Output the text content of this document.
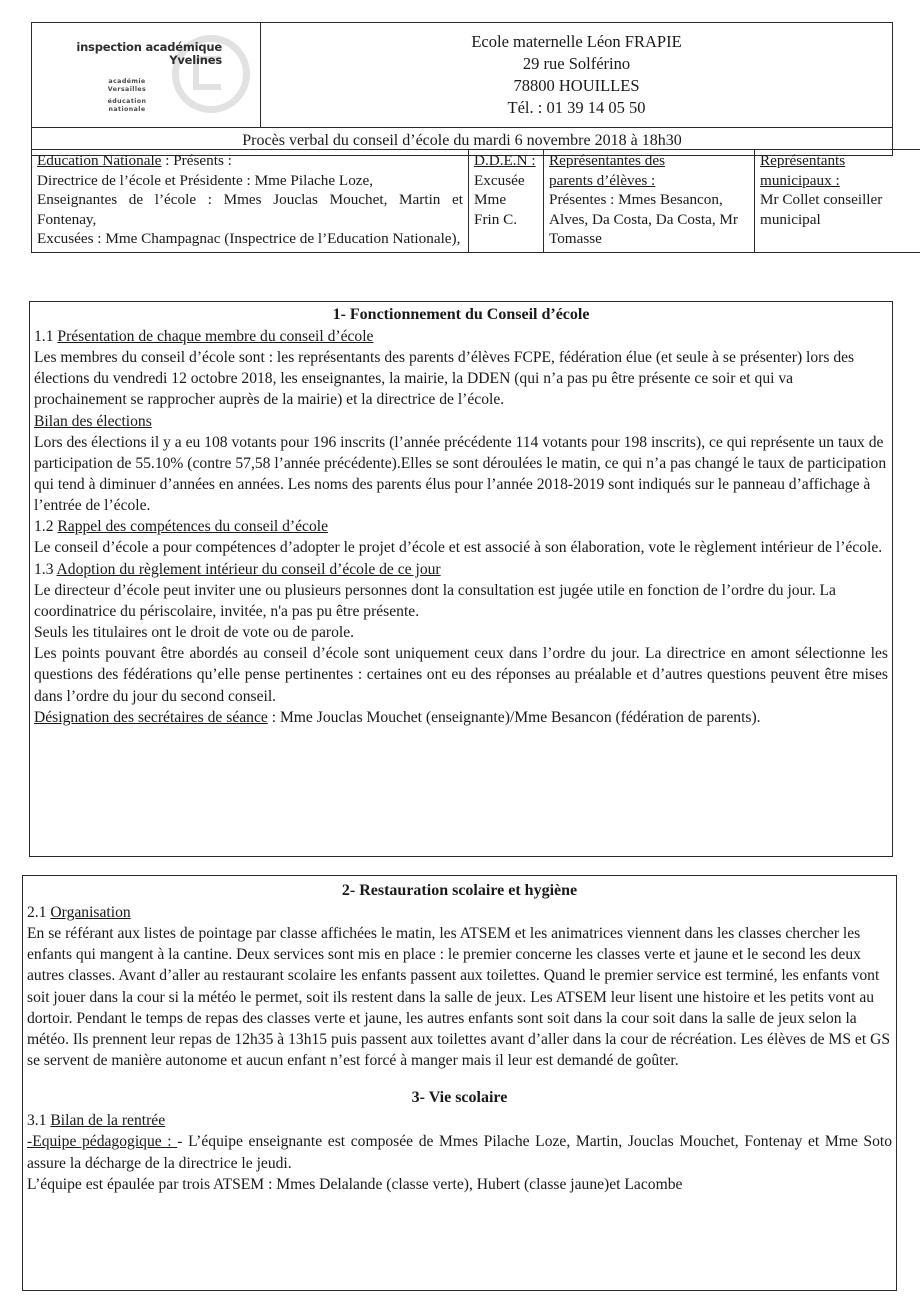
inspection académique
Yvelines
académie
Versailles
éducation
nationale

Ecole maternelle Léon FRAPIE
29 rue Solférino
78800 HOUILLES
Tél. : 01 39 14 05 50

Procès verbal du conseil d’école du mardi 6 novembre 2018 à 18h30
Education Nationale : Présents :
Directrice de l’école et Présidente : Mme Pilache Loze,
Enseignantes de l’école : Mmes Jouclas Mouchet, Martin et Fontenay,
Excusées : Mme Champagnac (Inspectrice de l’Education Nationale),

D.D.E.N :
Excusée
Mme
Frin C.

Représentantes des
parents d’élèves :
Présentes : Mmes Besancon, Alves, Da Costa, Da Costa, Mr Tomasse

Représentants
municipaux :
Mr Collet conseiller municipal
1- Fonctionnement du Conseil d’école
1.1 Présentation de chaque membre du conseil d’école

Les membres du conseil d’école sont : les représentants des parents d’élèves FCPE, fédération élue (et seule à se présenter) lors des élections du vendredi 12 octobre 2018, les enseignantes, la mairie, la DDEN (qui n’a pas pu être présente ce soir et qui va prochainement se rapprocher auprès de la mairie) et la directrice de l’école.

Bilan des élections

Lors des élections il y a eu 108 votants pour 196 inscrits (l’année précédente 114 votants pour 198 inscrits), ce qui représente un taux de participation de 55.10% (contre 57,58 l’année précédente).Elles se sont déroulées le matin, ce qui n’a pas changé le taux de participation qui tend à diminuer d’années en années. Les noms des parents élus pour l’année 2018-2019 sont indiqués sur le panneau d’affichage à l’entrée de l’école.

1.2 Rappel des compétences du conseil d’école

Le conseil d’école a pour compétences d’adopter le projet d’école et est associé à son élaboration, vote le règlement intérieur de l’école.

1.3 Adoption du règlement intérieur du conseil d’école de ce jour

Le directeur d’école peut inviter une ou plusieurs personnes dont la consultation est jugée utile en fonction de l’ordre du jour. La coordinatrice du périscolaire, invitée, n'a pas pu être présente.

Seuls les titulaires ont le droit de vote ou de parole.

Les points pouvant être abordés au conseil d’école sont uniquement ceux dans l’ordre du jour. La directrice en amont sélectionne les questions des fédérations qu’elle pense pertinentes : certaines ont eu des réponses au préalable et d’autres questions peuvent être mises dans l’ordre du jour du second conseil.

Désignation des secrétaires de séance : Mme Jouclas Mouchet (enseignante)/Mme Besancon (fédération de parents).

2- Restauration scolaire et hygiène
2.1 Organisation

En se référant aux listes de pointage par classe affichées le matin, les ATSEM et les animatrices viennent dans les classes chercher les enfants qui mangent à la cantine. Deux services sont mis en place : le premier concerne les classes verte et jaune et le second les deux autres classes. Avant d’aller au restaurant scolaire les enfants passent aux toilettes. Quand le premier service est terminé, les enfants vont soit jouer dans la cour si la météo le permet, soit ils restent dans la salle de jeux. Les ATSEM leur lisent une histoire et les petits vont au dortoir. Pendant le temps de repas des classes verte et jaune, les autres enfants sont soit dans la cour soit dans la salle de jeux selon la météo. Ils prennent leur repas de 12h35 à 13h15 puis passent aux toilettes avant d’aller dans la cour de récréation. Les élèves de MS et GS se servent de manière autonome et aucun enfant n’est forcé à manger mais il leur est demandé de goûter.

3- Vie scolaire
3.1 Bilan de la rentrée

-Equipe pédagogique : - L’équipe enseignante est composée de Mmes Pilache Loze, Martin, Jouclas Mouchet, Fontenay et Mme Soto assure la décharge de la directrice le jeudi.

L’équipe est épaulée par trois ATSEM : Mmes Delalande (classe verte), Hubert (classe jaune)et Lacombe
